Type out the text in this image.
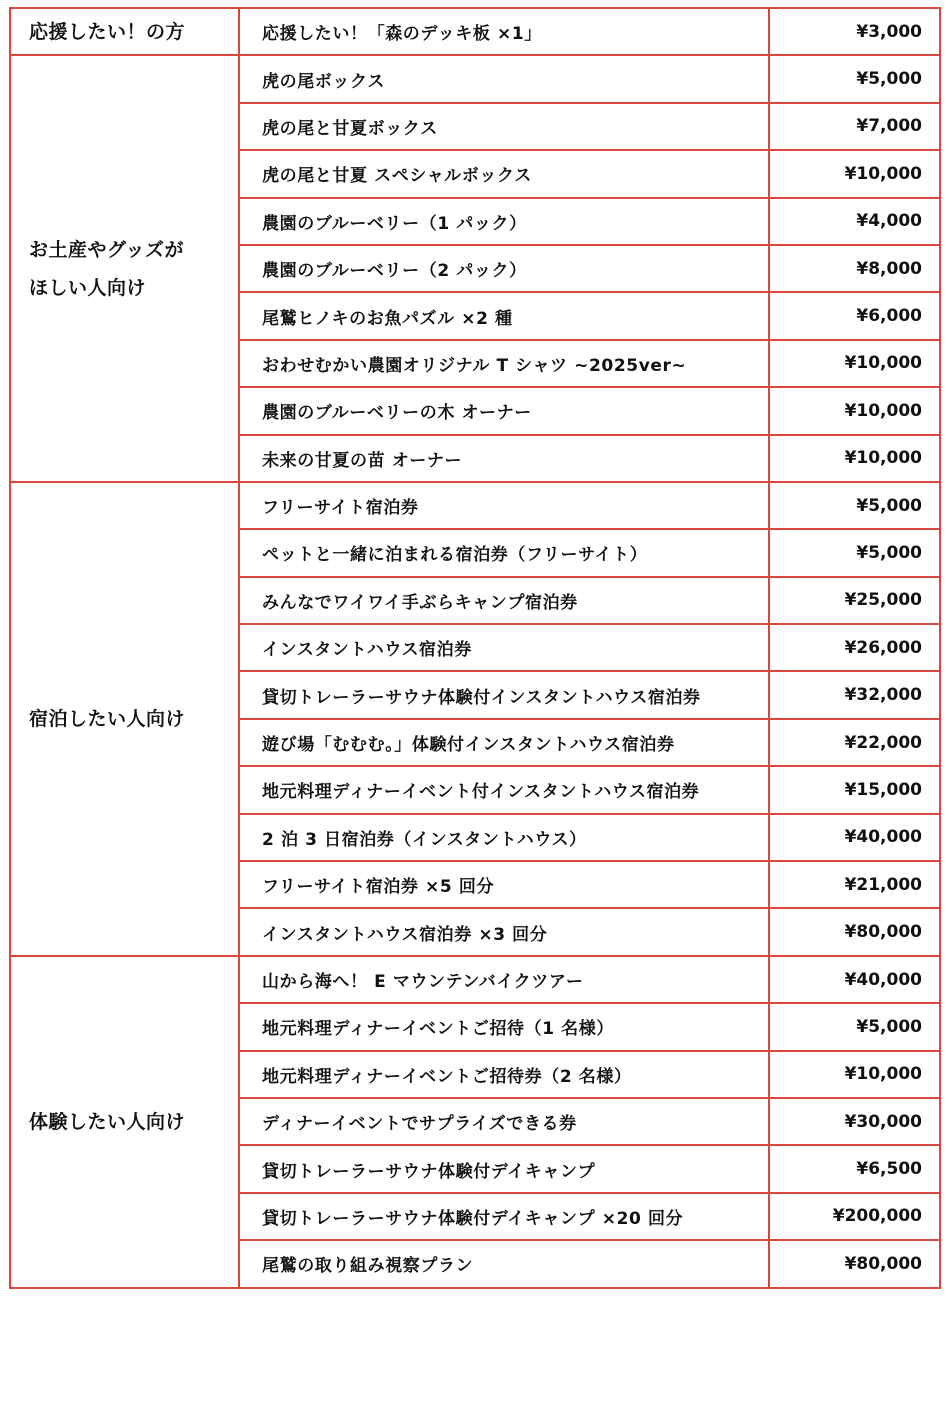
応援したい！の方	応援したい！「森のデッキ板 ×1」	¥3,000

お土産やグッズが
ほしい人向け	虎の尾ボックス	¥5,000
	虎の尾と甘夏ボックス	¥7,000
	虎の尾と甘夏 スペシャルボックス	¥10,000
	農園のブルーベリー（1 パック）	¥4,000
	農園のブルーベリー（2 パック）	¥8,000
	尾鷲ヒノキのお魚パズル ×2 種	¥6,000
	おわせむかい農園オリジナル T シャツ ~2025ver~	¥10,000
	農園のブルーベリーの木 オーナー	¥10,000
	未来の甘夏の苗 オーナー	¥10,000

宿泊したい人向け	フリーサイト宿泊券	¥5,000
	ペットと一緒に泊まれる宿泊券（フリーサイト）	¥5,000
	みんなでワイワイ手ぶらキャンプ宿泊券	¥25,000
	インスタントハウス宿泊券	¥26,000
	貸切トレーラーサウナ体験付インスタントハウス宿泊券	¥32,000
	遊び場「むむむ。」体験付インスタントハウス宿泊券	¥22,000
	地元料理ディナーイベント付インスタントハウス宿泊券	¥15,000
	2 泊 3 日宿泊券（インスタントハウス）	¥40,000
	フリーサイト宿泊券 ×5 回分	¥21,000
	インスタントハウス宿泊券 ×3 回分	¥80,000

体験したい人向け	山から海へ！ E マウンテンバイクツアー	¥40,000
	地元料理ディナーイベントご招待（1 名様）	¥5,000
	地元料理ディナーイベントご招待券（2 名様）	¥10,000
	ディナーイベントでサプライズできる券	¥30,000
	貸切トレーラーサウナ体験付デイキャンプ	¥6,500
	貸切トレーラーサウナ体験付デイキャンプ ×20 回分	¥200,000
	尾鷲の取り組み視察プラン	¥80,000
